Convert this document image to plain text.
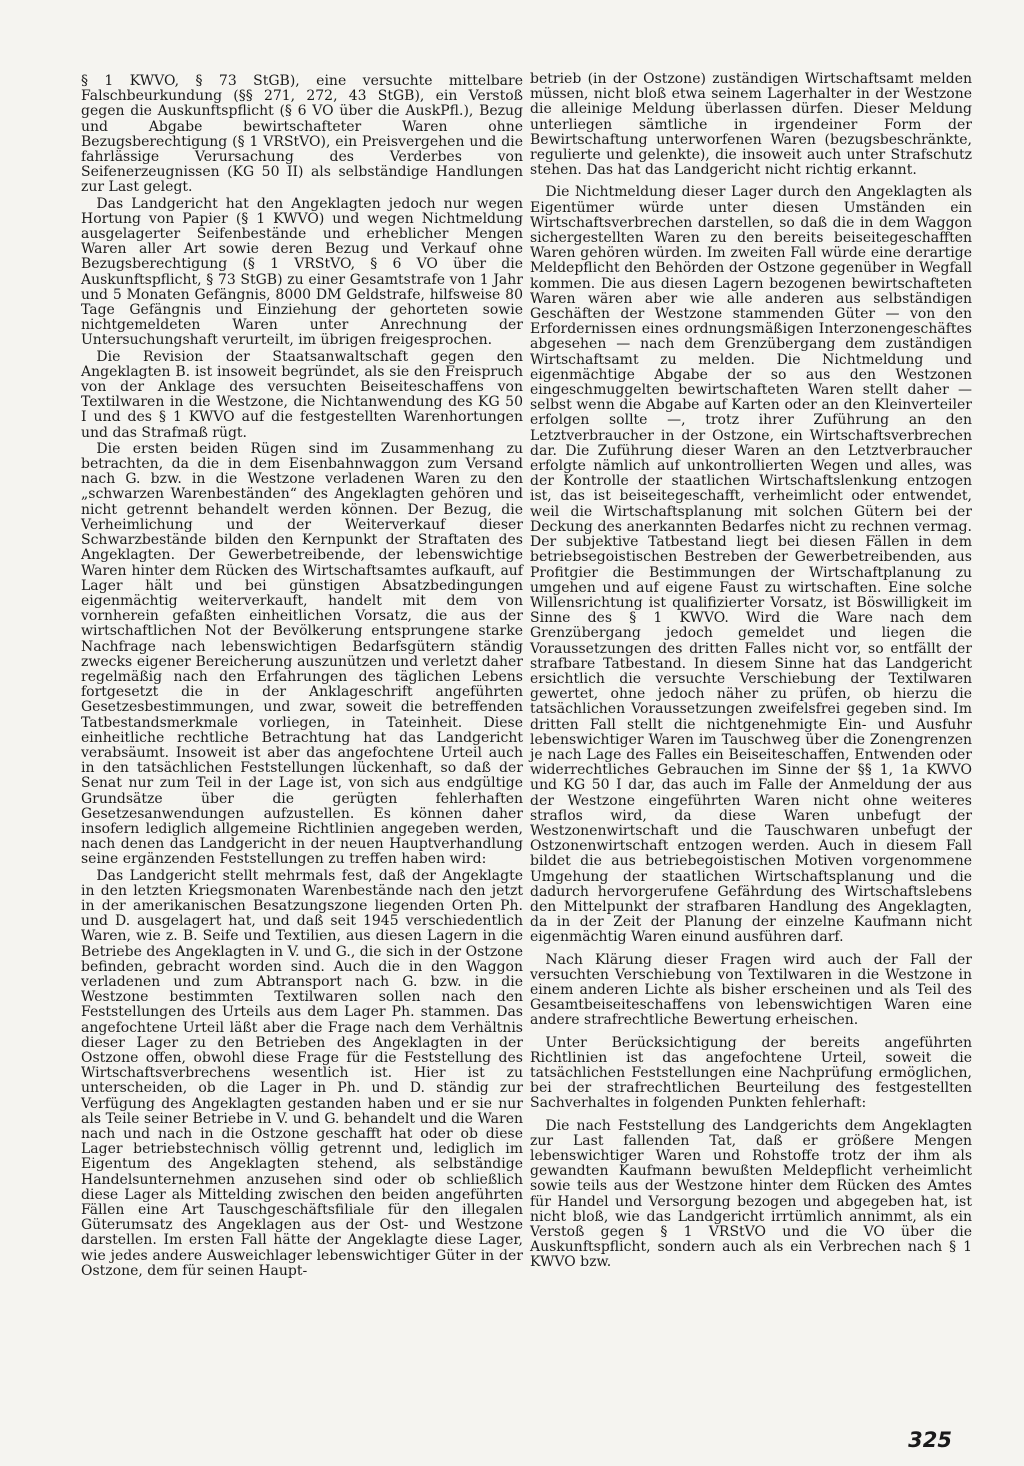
§ 1 KWVO, § 73 StGB), eine versuchte mittelbare Falschbeurkundung (§§ 271, 272, 43 StGB), ein Verstoß gegen die Auskunftspflicht (§ 6 VO über die AuskPfl.), Bezug und Abgabe bewirtschafteter Waren ohne Bezugsberechtigung (§ 1 VRStVO), ein Preisvergehen und die fahrlässige Verursachung des Verderbes von Seifenerzeugnissen (KG 50 II) als selbständige Handlungen zur Last gelegt.

Das Landgericht hat den Angeklagten jedoch nur wegen Hortung von Papier (§ 1 KWVO) und wegen Nichtmeldung ausgelagerter Seifenbestände und erheblicher Mengen Waren aller Art sowie deren Bezug und Verkauf ohne Bezugsberechtigung (§ 1 VRStVO, § 6 VO über die Auskunftspflicht, § 73 StGB) zu einer Gesamtstrafe von 1 Jahr und 5 Monaten Gefängnis, 8000 DM Geldstrafe, hilfsweise 80 Tage Gefängnis und Einziehung der gehorteten sowie nichtgemeldeten Waren unter Anrechnung der Untersuchungshaft verurteilt, im übrigen freigesprochen.

Die Revision der Staatsanwaltschaft gegen den Angeklagten B. ist insoweit begründet, als sie den Freispruch von der Anklage des versuchten Beiseiteschaffens von Textilwaren in die Westzone, die Nichtanwendung des KG 50 I und des § 1 KWVO auf die festgestellten Warenhortungen und das Strafmaß rügt.

Die ersten beiden Rügen sind im Zusammenhang zu betrachten, da die in dem Eisenbahnwaggon zum Versand nach G. bzw. in die Westzone verladenen Waren zu den „schwarzen Warenbeständen“ des Angeklagten gehören und nicht getrennt behandelt werden können. Der Bezug, die Verheimlichung und der Weiterverkauf dieser Schwarzbestände bilden den Kernpunkt der Straftaten des Angeklagten. Der Gewerbetreibende, der lebenswichtige Waren hinter dem Rücken des Wirtschaftsamtes aufkauft, auf Lager hält und bei günstigen Absatzbedingungen eigenmächtig weiterverkauft, handelt mit dem von vornherein gefaßten einheitlichen Vorsatz, die aus der wirtschaftlichen Not der Bevölkerung entsprungene starke Nachfrage nach lebenswichtigen Bedarfsgütern ständig zwecks eigener Bereicherung auszunützen und verletzt daher regelmäßig nach den Erfahrungen des täglichen Lebens fortgesetzt die in der Anklageschrift angeführten Gesetzesbestimmungen, und zwar, soweit die betreffenden Tatbestandsmerkmale vorliegen, in Tateinheit. Diese einheitliche rechtliche Betrachtung hat das Landgericht verabsäumt. Insoweit ist aber das angefochtene Urteil auch in den tatsächlichen Feststellungen lückenhaft, so daß der Senat nur zum Teil in der Lage ist, von sich aus endgültige Grundsätze über die gerügten fehlerhaften Gesetzesanwendungen aufzustellen. Es können daher insofern lediglich allgemeine Richtlinien angegeben werden, nach denen das Landgericht in der neuen Hauptverhandlung seine ergänzenden Feststellungen zu treffen haben wird:

Das Landgericht stellt mehrmals fest, daß der Angeklagte in den letzten Kriegsmonaten Warenbestände nach den jetzt in der amerikanischen Besatzungszone liegenden Orten Ph. und D. ausgelagert hat, und daß seit 1945 verschiedentlich Waren, wie z. B. Seife und Textilien, aus diesen Lagern in die Betriebe des Angeklagten in V. und G., die sich in der Ostzone befinden, gebracht worden sind. Auch die in den Waggon verladenen und zum Abtransport nach G. bzw. in die Westzone bestimmten Textilwaren sollen nach den Feststellungen des Urteils aus dem Lager Ph. stammen. Das angefochtene Urteil läßt aber die Frage nach dem Verhältnis dieser Lager zu den Betrieben des Angeklagten in der Ostzone offen, obwohl diese Frage für die Feststellung des Wirtschaftsverbrechens wesentlich ist. Hier ist zu unterscheiden, ob die Lager in Ph. und D. ständig zur Verfügung des Angeklagten gestanden haben und er sie nur als Teile seiner Betriebe in V. und G. behandelt und die Waren nach und nach in die Ostzone geschafft hat oder ob diese Lager betriebstechnisch völlig getrennt und, lediglich im Eigentum des Angeklagten stehend, als selbständige Handelsunternehmen anzusehen sind oder ob schließlich diese Lager als Mittelding zwischen den beiden angeführten Fällen eine Art Tauschgeschäftsfiliale für den illegalen Güterumsatz des Angeklagen aus der Ost- und Westzone darstellen. Im ersten Fall hätte der Angeklagte diese Lager, wie jedes andere Ausweichlager lebenswichtiger Güter in der Ostzone, dem für seinen Haupt-

betrieb (in der Ostzone) zuständigen Wirtschaftsamt melden müssen, nicht bloß etwa seinem Lagerhalter in der Westzone die alleinige Meldung überlassen dürfen. Dieser Meldung unterliegen sämtliche in irgendeiner Form der Bewirtschaftung unterworfenen Waren (bezugsbeschränkte, regulierte und gelenkte), die insoweit auch unter Strafschutz stehen. Das hat das Landgericht nicht richtig erkannt.

Die Nichtmeldung dieser Lager durch den Angeklagten als Eigentümer würde unter diesen Umständen ein Wirtschaftsverbrechen darstellen, so daß die in dem Waggon sichergestellten Waren zu den bereits beiseitegeschafften Waren gehören würden. Im zweiten Fall würde eine derartige Meldepflicht den Behörden der Ostzone gegenüber in Wegfall kommen. Die aus diesen Lagern bezogenen bewirtschafteten Waren wären aber wie alle anderen aus selbständigen Geschäften der Westzone stammenden Güter — von den Erfordernissen eines ordnungsmäßigen Interzonengeschäftes abgesehen — nach dem Grenzübergang dem zuständigen Wirtschaftsamt zu melden. Die Nichtmeldung und eigenmächtige Abgabe der so aus den Westzonen eingeschmuggelten bewirtschafteten Waren stellt daher — selbst wenn die Abgabe auf Karten oder an den Kleinverteiler erfolgen sollte —, trotz ihrer Zuführung an den Letztverbraucher in der Ostzone, ein Wirtschaftsverbrechen dar. Die Zuführung dieser Waren an den Letztverbraucher erfolgte nämlich auf unkontrollierten Wegen und alles, was der Kontrolle der staatlichen Wirtschaftslenkung entzogen ist, das ist beiseitegeschafft, verheimlicht oder entwendet, weil die Wirtschaftsplanung mit solchen Gütern bei der Deckung des anerkannten Bedarfes nicht zu rechnen vermag. Der subjektive Tatbestand liegt bei diesen Fällen in dem betriebsegoistischen Bestreben der Gewerbetreibenden, aus Profitgier die Bestimmungen der Wirtschaftplanung zu umgehen und auf eigene Faust zu wirtschaften. Eine solche Willensrichtung ist qualifizierter Vorsatz, ist Böswilligkeit im Sinne des § 1 KWVO. Wird die Ware nach dem Grenzübergang jedoch gemeldet und liegen die Voraussetzungen des dritten Falles nicht vor, so entfällt der strafbare Tatbestand. In diesem Sinne hat das Landgericht ersichtlich die versuchte Verschiebung der Textilwaren gewertet, ohne jedoch näher zu prüfen, ob hierzu die tatsächlichen Voraussetzungen zweifelsfrei gegeben sind. Im dritten Fall stellt die nichtgenehmigte Ein- und Ausfuhr lebenswichtiger Waren im Tauschweg über die Zonengrenzen je nach Lage des Falles ein Beiseiteschaffen, Entwenden oder widerrechtliches Gebrauchen im Sinne der §§ 1, 1a KWVO und KG 50 I dar, das auch im Falle der Anmeldung der aus der Westzone eingeführten Waren nicht ohne weiteres straflos wird, da diese Waren unbefugt der Westzonenwirtschaft und die Tauschwaren unbefugt der Ostzonenwirtschaft entzogen werden. Auch in diesem Fall bildet die aus betriebegoistischen Motiven vorgenommene Umgehung der staatlichen Wirtschaftsplanung und die dadurch hervorgerufene Gefährdung des Wirtschaftslebens den Mittelpunkt der strafbaren Handlung des Angeklagten, da in der Zeit der Planung der einzelne Kaufmann nicht eigenmächtig Waren einund ausführen darf.

Nach Klärung dieser Fragen wird auch der Fall der versuchten Verschiebung von Textilwaren in die Westzone in einem anderen Lichte als bisher erscheinen und als Teil des Gesamtbeiseiteschaffens von lebenswichtigen Waren eine andere strafrechtliche Bewertung erheischen.

Unter Berücksichtigung der bereits angeführten Richtlinien ist das angefochtene Urteil, soweit die tatsächlichen Feststellungen eine Nachprüfung ermöglichen, bei der strafrechtlichen Beurteilung des festgestellten Sachverhaltes in folgenden Punkten fehlerhaft:

Die nach Feststellung des Landgerichts dem Angeklagten zur Last fallenden Tat, daß er größere Mengen lebenswichtiger Waren und Rohstoffe trotz der ihm als gewandten Kaufmann bewußten Meldepflicht verheimlicht sowie teils aus der Westzone hinter dem Rücken des Amtes für Handel und Versorgung bezogen und abgegeben hat, ist nicht bloß, wie das Landgericht irrtümlich annimmt, als ein Verstoß gegen § 1 VRStVO und die VO über die Auskunftspflicht, sondern auch als ein Verbrechen nach § 1 KWVO bzw.

325
